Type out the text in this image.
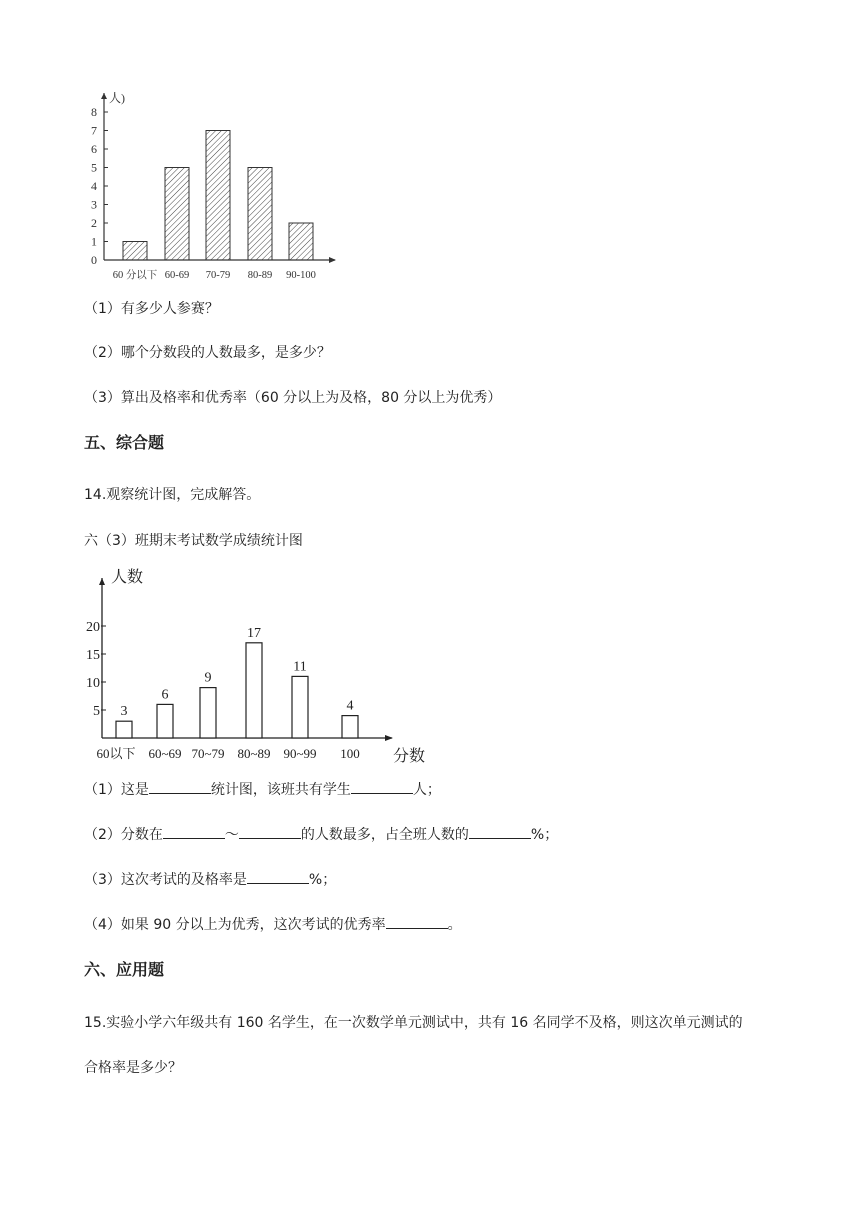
人)
0
1
2
3
4
5
6
7
8
60 分以下 60-69 70-79 80-89 90-100
（1）有多少人参赛？
（2）哪个分数段的人数最多，是多少？
（3）算出及格率和优秀率（60 分以上为及格，80 分以上为优秀）
五、综合题
14.观察统计图，完成解答。
六（3）班期末考试数学成绩统计图
人数
分数
5
10
15
20
3
6
9
17
11
4
60以下 60~69 70~79 80~89 90~99 100
（1）这是	统计图，该班共有学生	人；
（2）分数在	～	的人数最多，占全班人数的	%；
（3）这次考试的及格率是	%；
（4）如果 90 分以上为优秀，这次考试的优秀率	。
六、应用题
15.实验小学六年级共有 160 名学生，在一次数学单元测试中，共有 16 名同学不及格，则这次单元测试的
合格率是多少？
